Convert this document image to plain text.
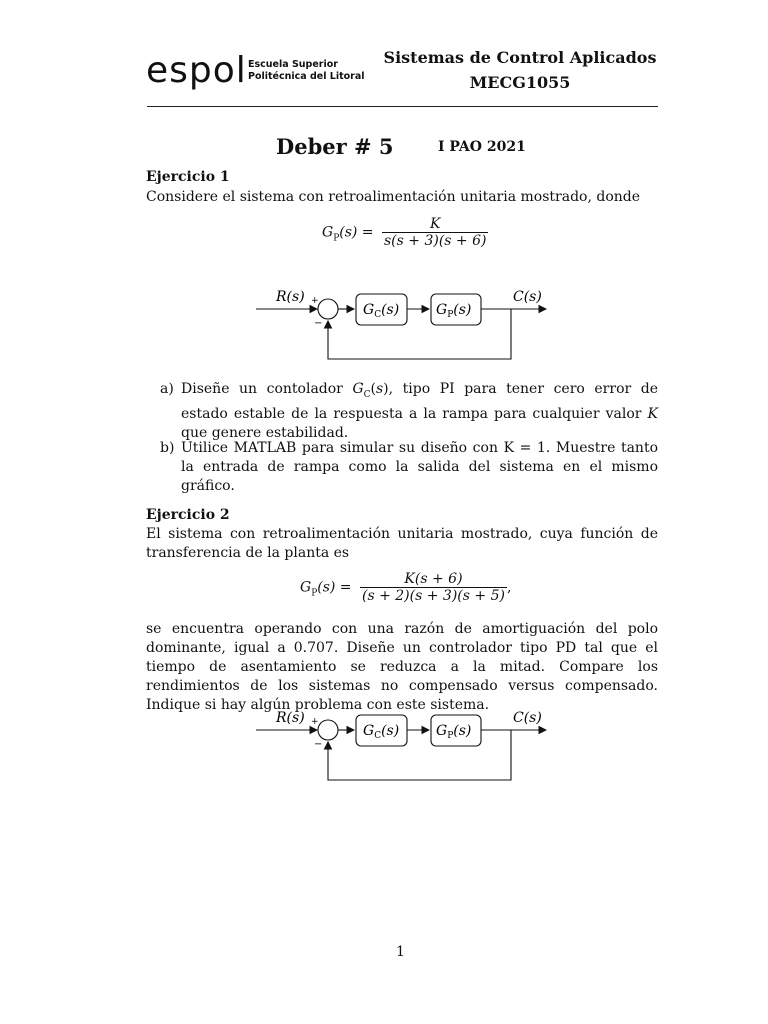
espol Escuela Superior
Politécnica del Litoral
Sistemas de Control Aplicados
MECG1055
Deber # 5	I PAO 2021
Ejercicio 1
Considere el sistema con retroalimentación unitaria mostrado, donde
$G_P(s) = \frac{K}{s(s + 3)(s + 6)}$
R(s) +
−
$G_C(s)$	$G_P(s)$
C(s)
a) Diseñe un contolador $G_C(s)$, tipo PI para tener cero error de estado estable de la respuesta a la rampa para cualquier valor K que genere estabilidad.
b) Utilice MATLAB para simular su diseño con K = 1. Muestre tanto la entrada de rampa como la salida del sistema en el mismo gráfico.
Ejercicio 2
El sistema con retroalimentación unitaria mostrado, cuya función de transferencia de la planta es
$G_P(s) = \frac{K(s + 6)}{(s + 2)(s + 3)(s + 5)}$ ,
se encuentra operando con una razón de amortiguación del polo dominante, igual a 0.707. Diseñe un controlador tipo PD tal que el tiempo de asentamiento se reduzca a la mitad. Compare los rendimientos de los sistemas no compensado versus compensado. Indique si hay algún problema con este sistema.
R(s) +
−
$G_C(s)$	$G_P(s)$
C(s)
1
